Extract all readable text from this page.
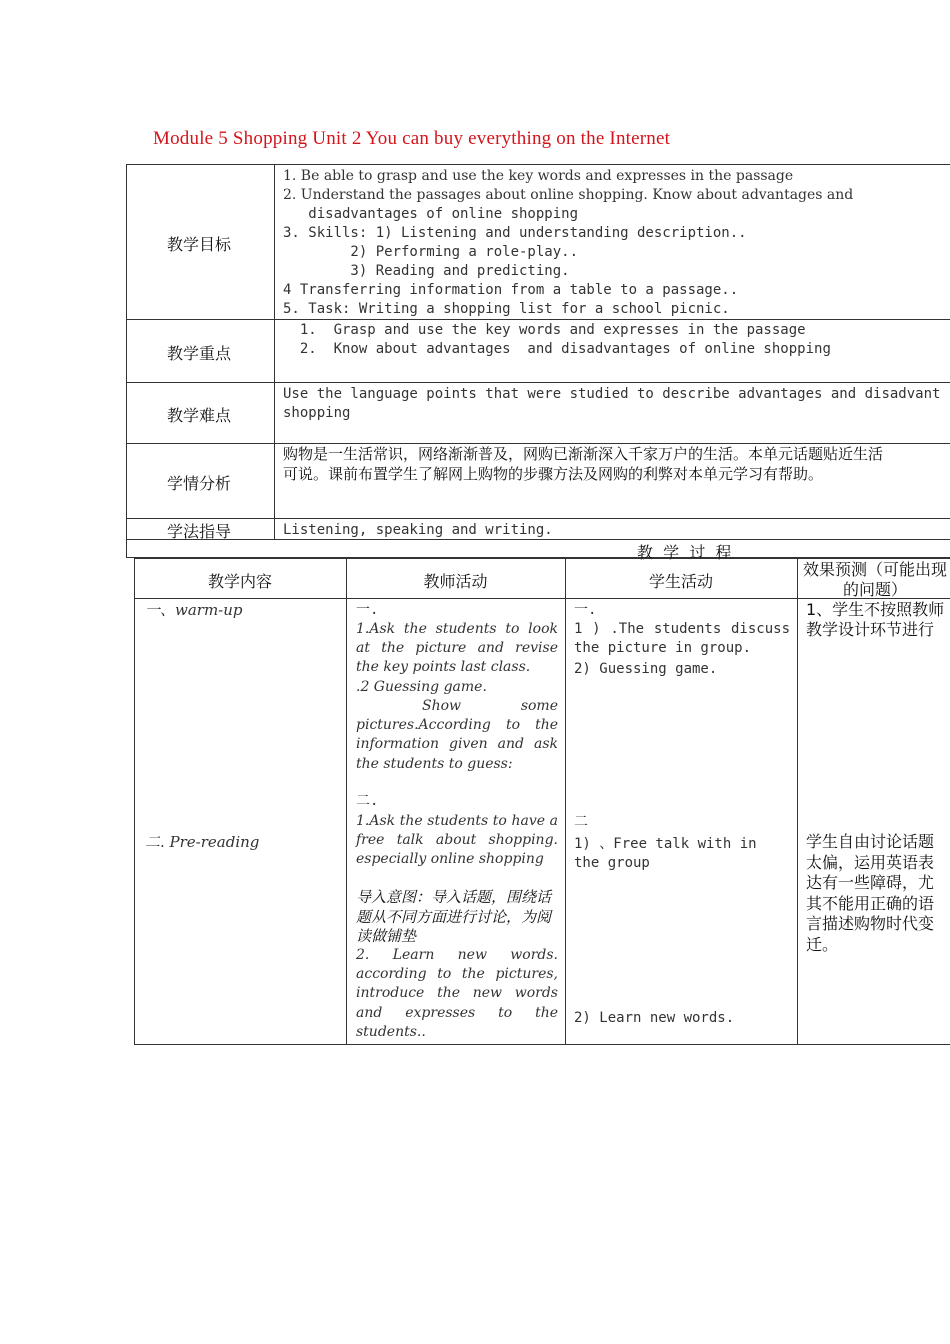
Module 5 Shopping Unit 2 You can buy everything on the Internet
教学目标
教学重点
教学难点
学情分析
学法指导
1. Be able to grasp and use the key words and expresses in the passage
2. Understand the passages about online shopping. Know about advantages and
disadvantages of online shopping
3. Skills: 1) Listening and understanding description..
2) Performing a role-play..
3) Reading and predicting.
4 Transferring information from a table to a passage..
5. Task: Writing a shopping list for a school picnic.
1.  Grasp and use the key words and expresses in the passage
2.  Know about advantages  and disadvantages of online shopping
Use the language points that were studied to describe advantages and disadvant
shopping
购物是一生活常识，网络渐渐普及，网购已渐渐深入千家万户的生活。本单元话题贴近生活
可说。课前布置学生了解网上购物的步骤方法及网购的利弊对本单元学习有帮助。
Listening, speaking and writing.
教  学  过  程
教学内容	教师活动	学生活动
效果预测（可能出现的问题）
一、warm-up
二. Pre-reading
一.
1.Ask the students to look at the picture and revise the key points last class.
.2 Guessing game.
Show some pictures.According to the information given and ask the students to guess:
二.
1.Ask the students to have a free talk about shopping. especially online shopping
导入意图：导入话题，围绕话题从不同方面进行讨论，为阅读做铺垫
2. Learn new words. according to the pictures, introduce the new words and expresses to the students..
一.
1 ) .The students discuss the picture in group.
2) Guessing game.
二
1) 、Free talk with in the group
2) Learn new words.
1、学生不按照教师教学设计环节进行
学生自由讨论话题太偏，运用英语表达有一些障碍，尤其不能用正确的语言描述购物时代变迁。
